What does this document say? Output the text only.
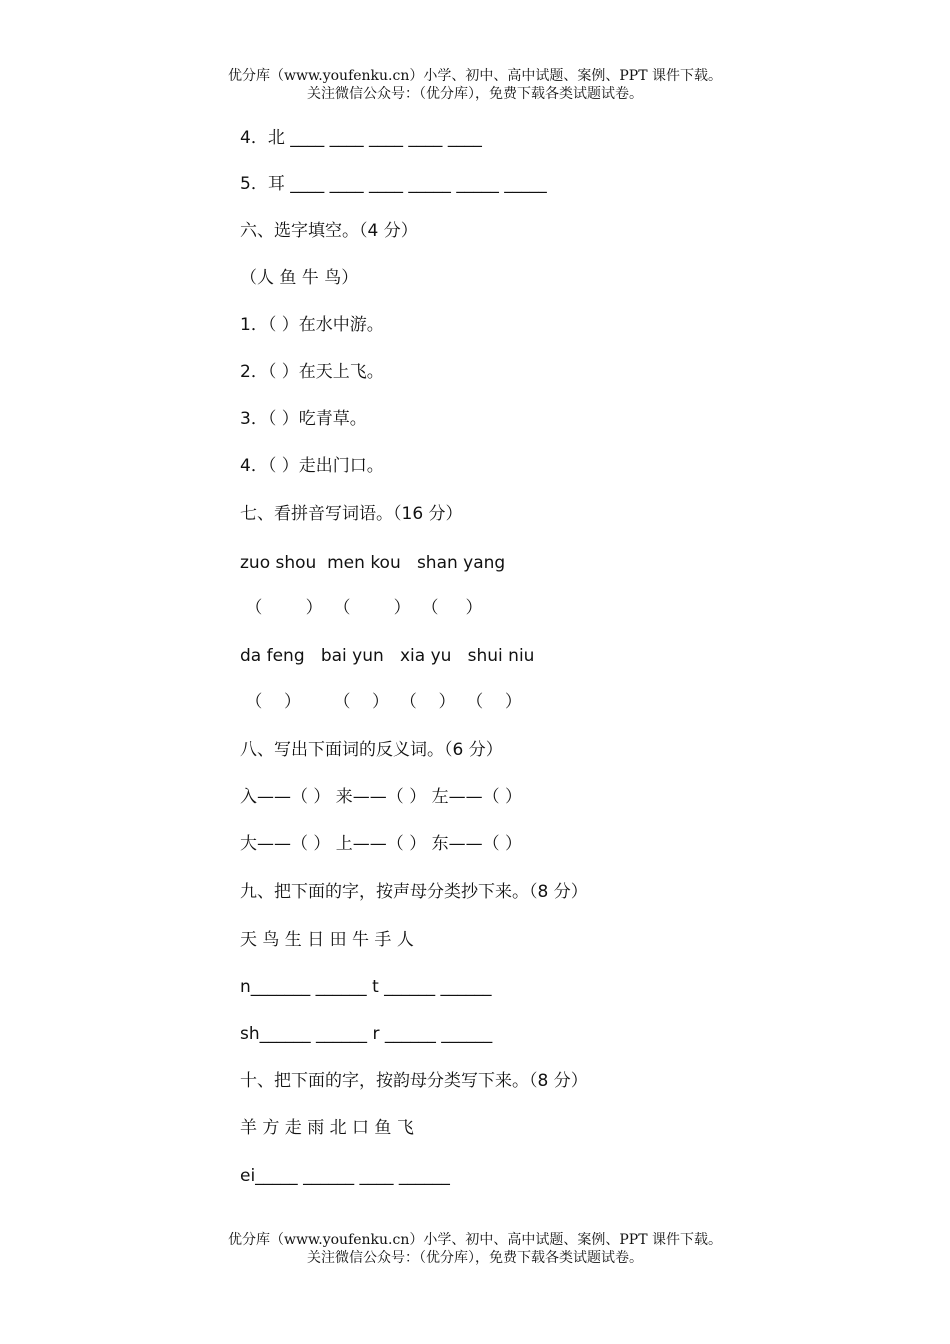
优分库（www.youfenku.cn）小学、初中、高中试题、案例、PPT 课件下载。
关注微信公众号：（优分库），免费下载各类试题试卷。
4．北 ____ ____ ____ ____ ____
5．耳 ____ ____ ____ _____ _____ _____
六、选字填空。（4 分）
（人 鱼 牛 鸟）
1．（ ）在水中游。
2．（ ）在天上飞。
3．（ ）吃青草。
4．（ ）走出门口。
七、看拼音写词语。（16 分）
zuo shou  men kou   shan yang
（        ）  （        ）  （     ）
da feng   bai yun   xia yu   shui niu
（    ）      （    ）  （    ）  （    ）
八、写出下面词的反义词。（6 分）
入——（ ） 来——（ ） 左——（ ）
大——（ ） 上——（ ） 东——（ ）
九、把下面的字，按声母分类抄下来。（8 分）
天 鸟 生 日 田 牛 手 人
n_______ ______ t ______ ______
sh______ ______ r ______ ______
十、把下面的字，按韵母分类写下来。（8 分）
羊 方 走 雨 北 口 鱼 飞
ei_____ ______ ____ ______
优分库（www.youfenku.cn）小学、初中、高中试题、案例、PPT 课件下载。
关注微信公众号：（优分库），免费下载各类试题试卷。
